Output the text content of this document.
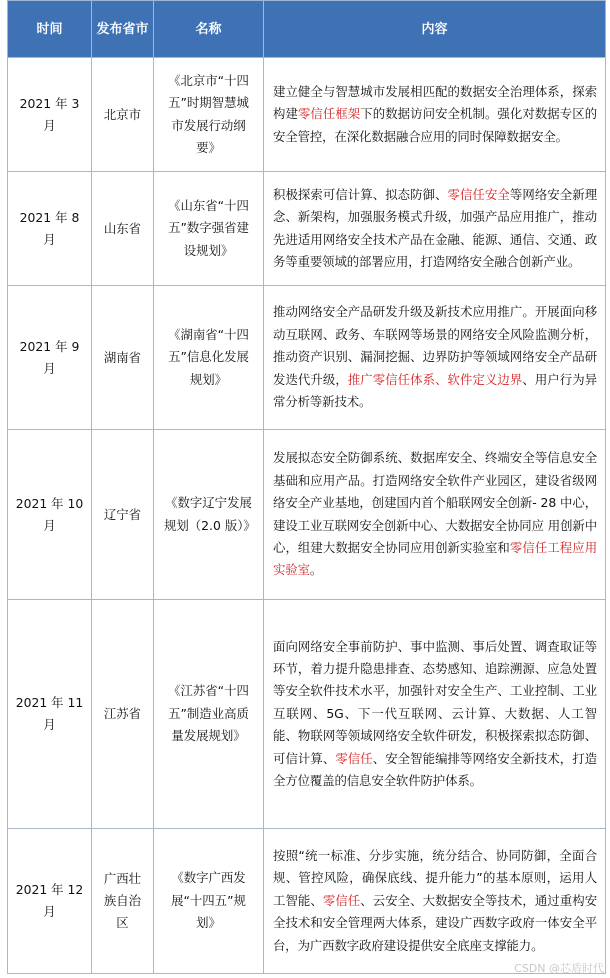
时间	发布省市	名称	内容
2021 年 3 月	北京市	《北京市“十四五”时期智慧城市发展行动纲要》	建立健全与智慧城市发展相匹配的数据安全治理体系，探索构建零信任框架下的数据访问安全机制。强化对数据专区的安全管控，在深化数据融合应用的同时保障数据安全。
2021 年 8 月	山东省	《山东省“十四五”数字强省建设规划》	积极探索可信计算、拟态防御、零信任安全等网络安全新理念、新架构，加强服务模式升级，加强产品应用推广，推动先进适用网络安全技术产品在金融、能源、通信、交通、政务等重要领域的部署应用，打造网络安全融合创新产业。
2021 年 9 月	湖南省	《湖南省“十四五”信息化发展规划》	推动网络安全产品研发升级及新技术应用推广。开展面向移动互联网、政务、车联网等场景的网络安全风险监测分析，推动资产识别、漏洞挖掘、边界防护等领域网络安全产品研发迭代升级，推广零信任体系、软件定义边界、用户行为异常分析等新技术。
2021 年 10 月	辽宁省	《数字辽宁发展规划（2.0 版）》	发展拟态安全防御系统、数据库安全、终端安全等信息安全基础和应用产品。打造网络安全软件产业园区，建设省级网络安全产业基地，创建国内首个船联网安全创新- 28 中心，建设工业互联网安全创新中心、大数据安全协同应 用创新中心，组建大数据安全协同应用创新实验室和零信任工程应用实验室。
2021 年 11 月	江苏省	《江苏省“十四五”制造业高质量发展规划》	面向网络安全事前防护、事中监测、事后处置、调查取证等环节，着力提升隐患排查、态势感知、追踪溯源、应急处置等安全软件技术水平，加强针对安全生产、工业控制、工业互联网、5G、下一代互联网、云计算、大数据、人工智能、物联网等领域网络安全软件研发，积极探索拟态防御、可信计算、零信任、安全智能编排等网络安全新技术，打造全方位覆盖的信息安全软件防护体系。
2021 年 12 月	广西壮族自治区	《数字广西发展“十四五”规划》	按照“统一标准、分步实施，统分结合、协同防御，全面合规、管控风险，确保底线、提升能力”的基本原则，运用人工智能、零信任、云安全、大数据安全等技术，通过重构安全技术和安全管理两大体系，建设广西数字政府一体安全平台，为广西数字政府建设提供安全底座支撑能力。
CSDN @芯盾时代
